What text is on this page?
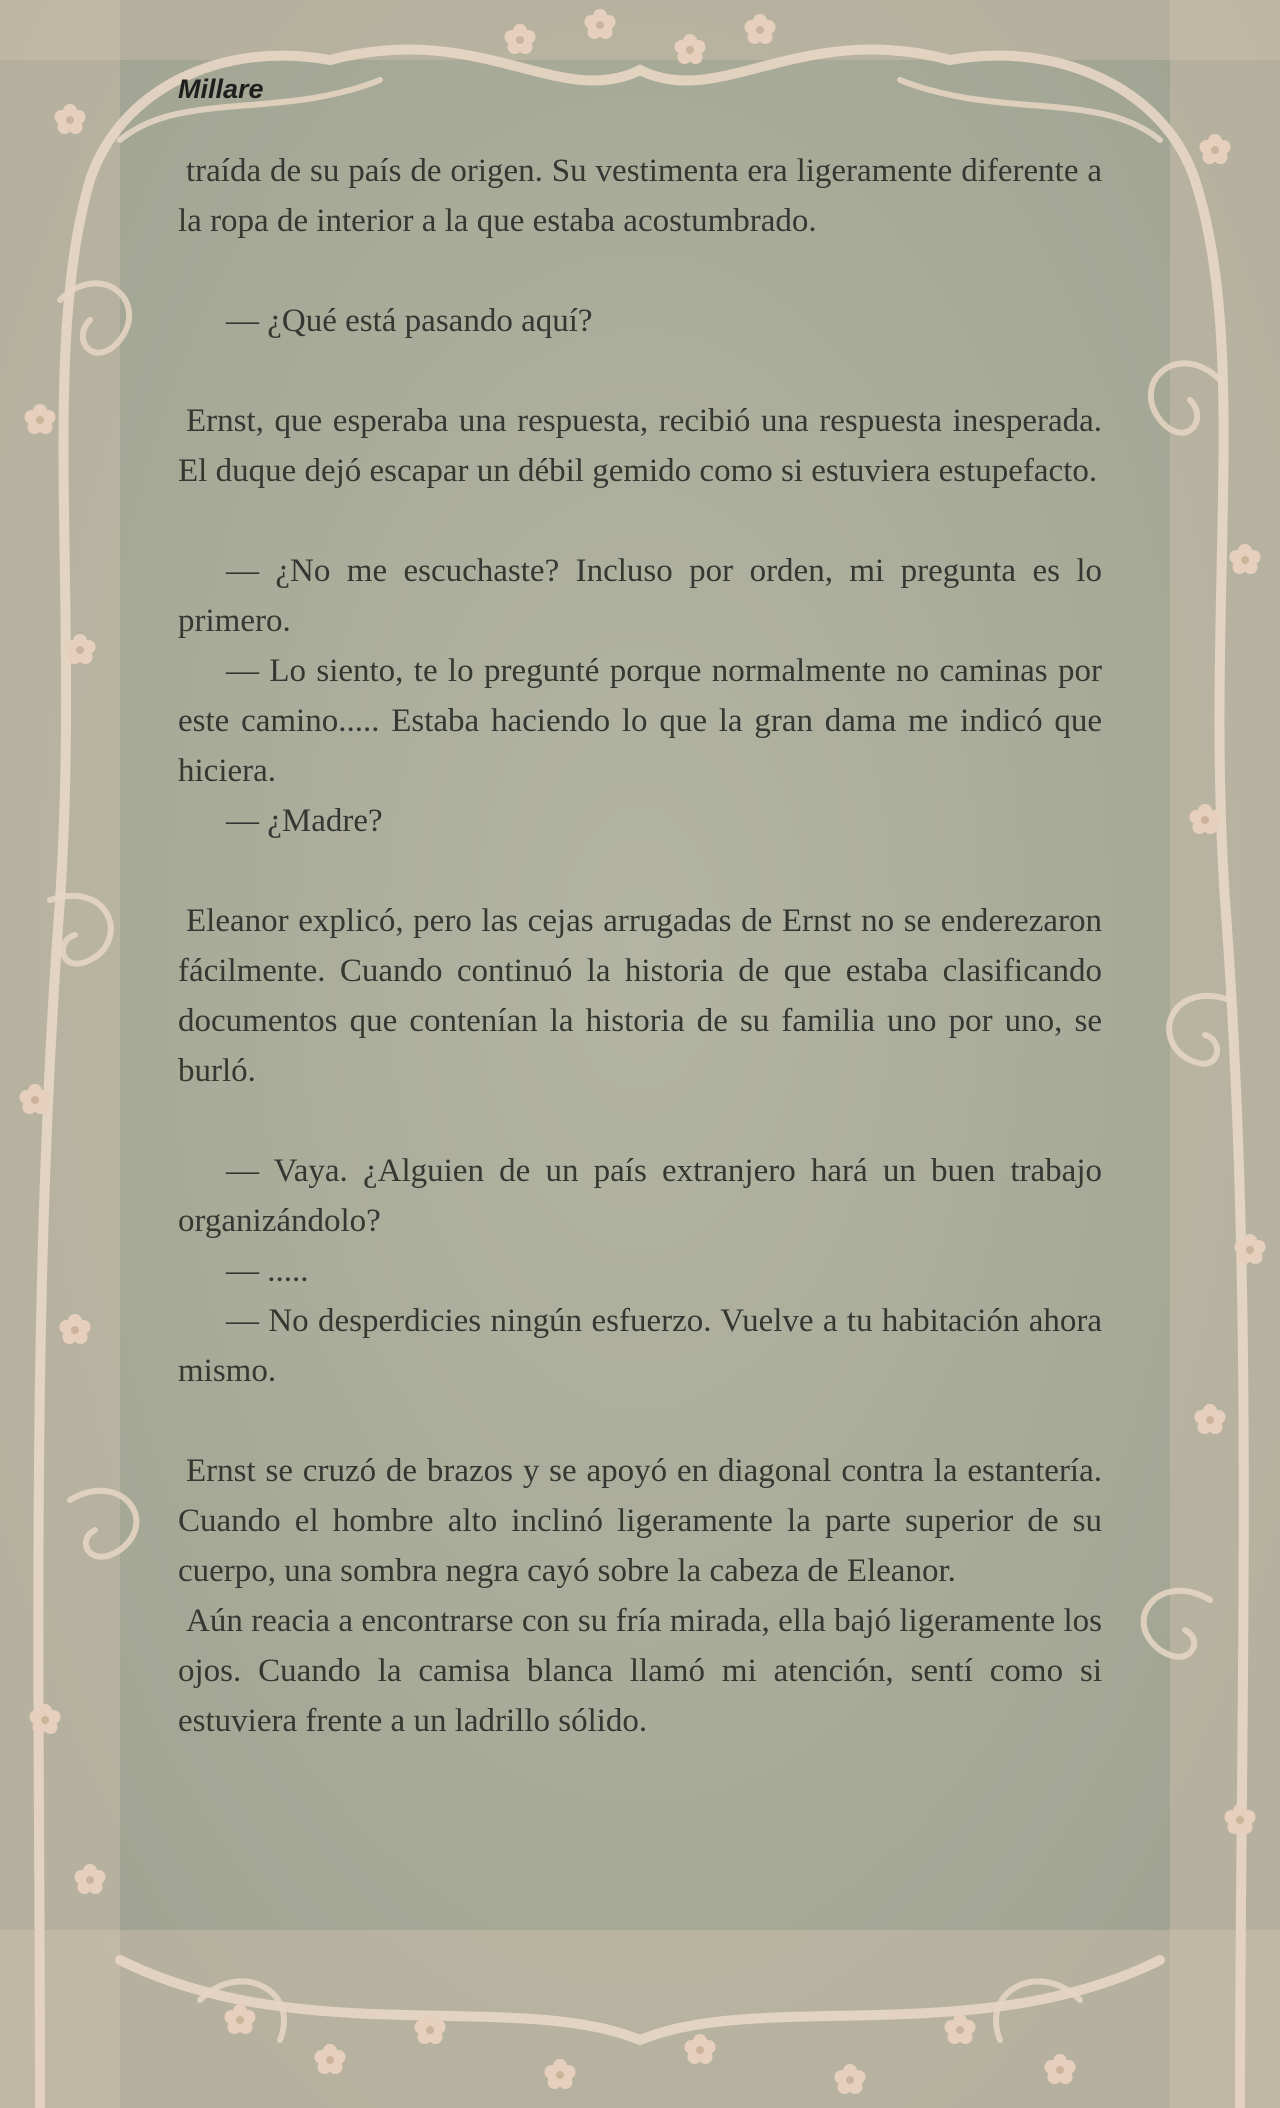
Millare

traída de su país de origen. Su vestimenta era ligeramente diferente a la ropa de interior a la que estaba acostumbrado.

— ¿Qué está pasando aquí?

Ernst, que esperaba una respuesta, recibió una respuesta inesperada. El duque dejó escapar un débil gemido como si estuviera estupefacto.

— ¿No me escuchaste? Incluso por orden, mi pregunta es lo primero.

— Lo siento, te lo pregunté porque normalmente no caminas por este camino..... Estaba haciendo lo que la gran dama me indicó que hiciera.

— ¿Madre?

Eleanor explicó, pero las cejas arrugadas de Ernst no se enderezaron fácilmente. Cuando continuó la historia de que estaba clasificando documentos que contenían la historia de su familia uno por uno, se burló.

— Vaya. ¿Alguien de un país extranjero hará un buen trabajo organizándolo?

— .....

— No desperdicies ningún esfuerzo. Vuelve a tu habitación ahora mismo.

Ernst se cruzó de brazos y se apoyó en diagonal contra la estantería. Cuando el hombre alto inclinó ligeramente la parte superior de su cuerpo, una sombra negra cayó sobre la cabeza de Eleanor.

Aún reacia a encontrarse con su fría mirada, ella bajó ligeramente los ojos. Cuando la camisa blanca llamó mi atención, sentí como si estuviera frente a un ladrillo sólido.
